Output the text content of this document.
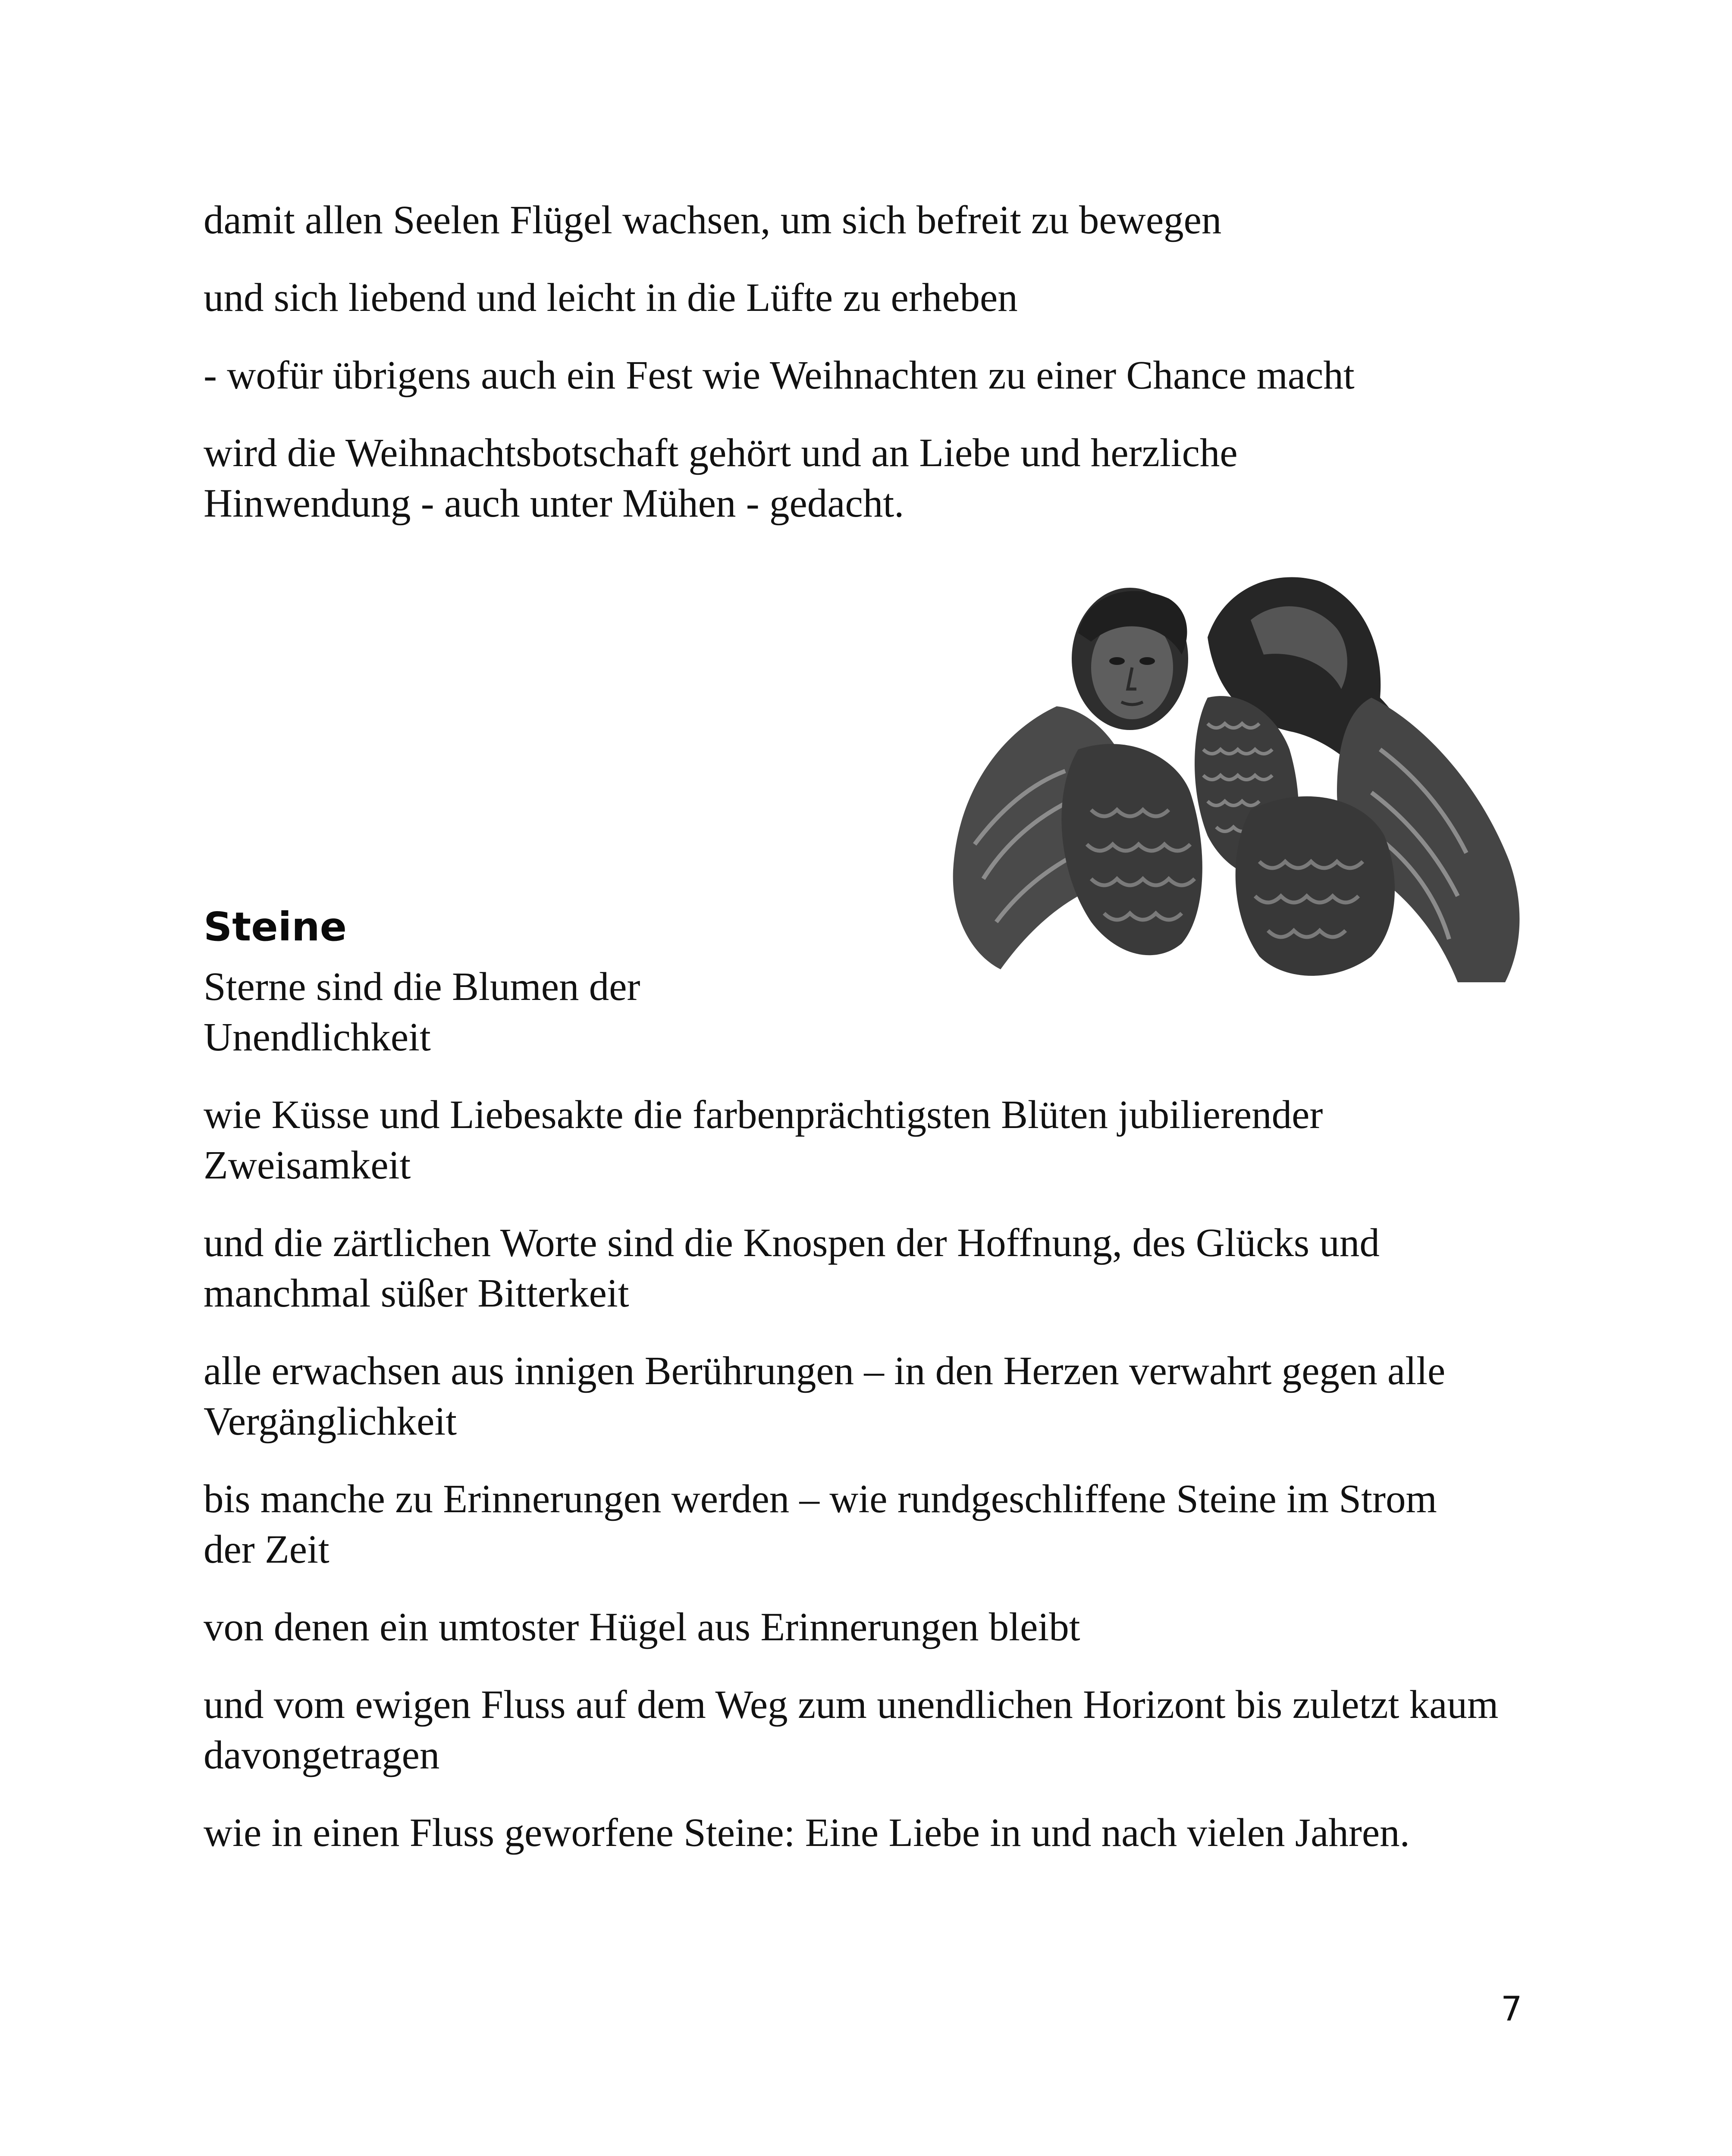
damit allen Seelen Flügel wachsen, um sich befreit zu bewegen

und sich liebend und leicht in die Lüfte zu erheben

- wofür übrigens auch ein Fest wie Weihnachten zu einer Chance macht

wird die Weihnachtsbotschaft gehört und an Liebe und herzliche Hinwendung - auch unter Mühen - gedacht.

Steine

Sterne sind die Blumen der Unendlichkeit

wie Küsse und Liebesakte die farbenprächtigsten Blüten jubilierender Zweisamkeit

und die zärtlichen Worte sind die Knospen der Hoffnung, des Glücks und manchmal süßer Bitterkeit

alle erwachsen aus innigen Berührungen – in den Herzen verwahrt gegen alle Vergänglichkeit

bis manche zu Erinnerungen werden – wie rundgeschliffene Steine im Strom der Zeit

von denen ein umtoster Hügel aus Erinnerungen bleibt

und vom ewigen Fluss auf dem Weg zum unendlichen Horizont bis zuletzt kaum davongetragen

wie in einen Fluss geworfene Steine: Eine Liebe in und nach vielen Jahren.

7
